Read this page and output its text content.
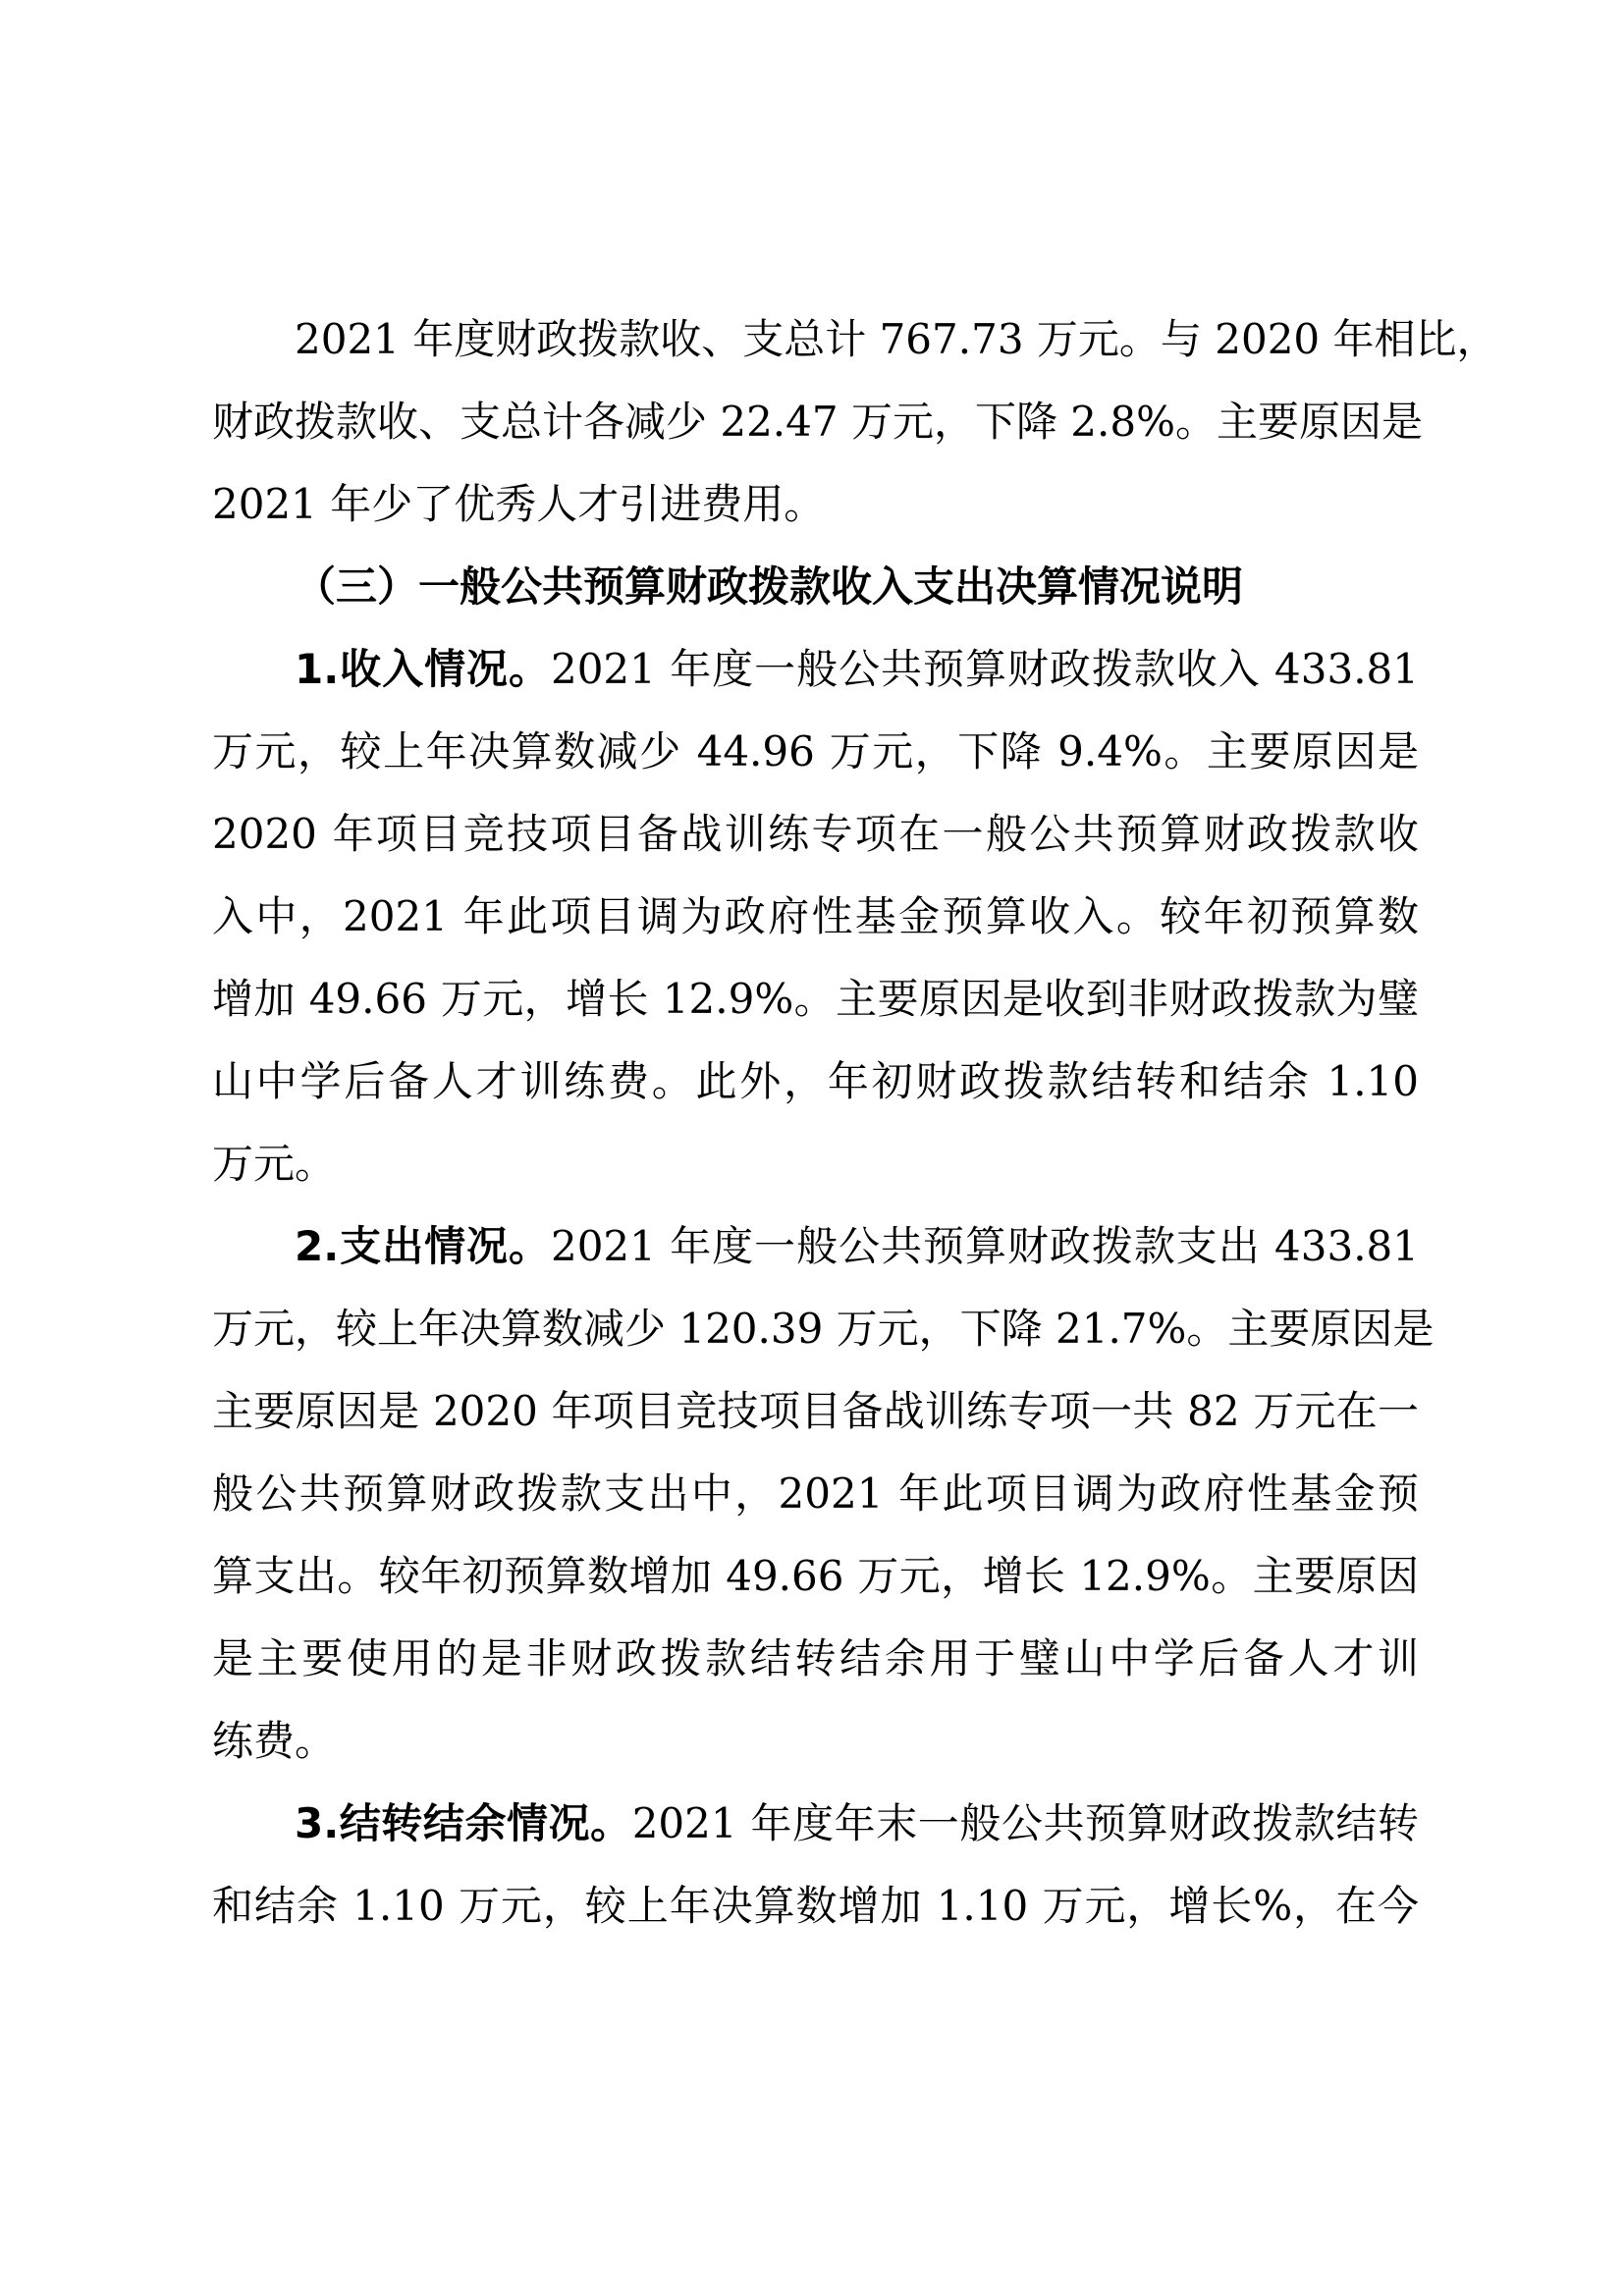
2021 年度财政拨款收、支总计 767.73 万元。与 2020 年相比，
财政拨款收、支总计各减少 22.47 万元，下降 2.8%。主要原因是
2021 年少了优秀人才引进费用。
（三）一般公共预算财政拨款收入支出决算情况说明
1.收入情况。2021 年度一般公共预算财政拨款收入 433.81
万元，较上年决算数减少 44.96 万元，下降 9.4%。主要原因是
2020 年项目竞技项目备战训练专项在一般公共预算财政拨款收
入中，2021 年此项目调为政府性基金预算收入。较年初预算数
增加 49.66 万元，增长 12.9%。主要原因是收到非财政拨款为璧
山中学后备人才训练费。此外，年初财政拨款结转和结余 1.10
万元。
2.支出情况。2021 年度一般公共预算财政拨款支出 433.81
万元，较上年决算数减少 120.39 万元，下降 21.7%。主要原因是
主要原因是 2020 年项目竞技项目备战训练专项一共 82 万元在一
般公共预算财政拨款支出中，2021 年此项目调为政府性基金预
算支出。较年初预算数增加 49.66 万元，增长 12.9%。主要原因
是主要使用的是非财政拨款结转结余用于璧山中学后备人才训
练费。
3.结转结余情况。2021 年度年末一般公共预算财政拨款结转
和结余 1.10 万元，较上年决算数增加 1.10 万元，增长%，在今
